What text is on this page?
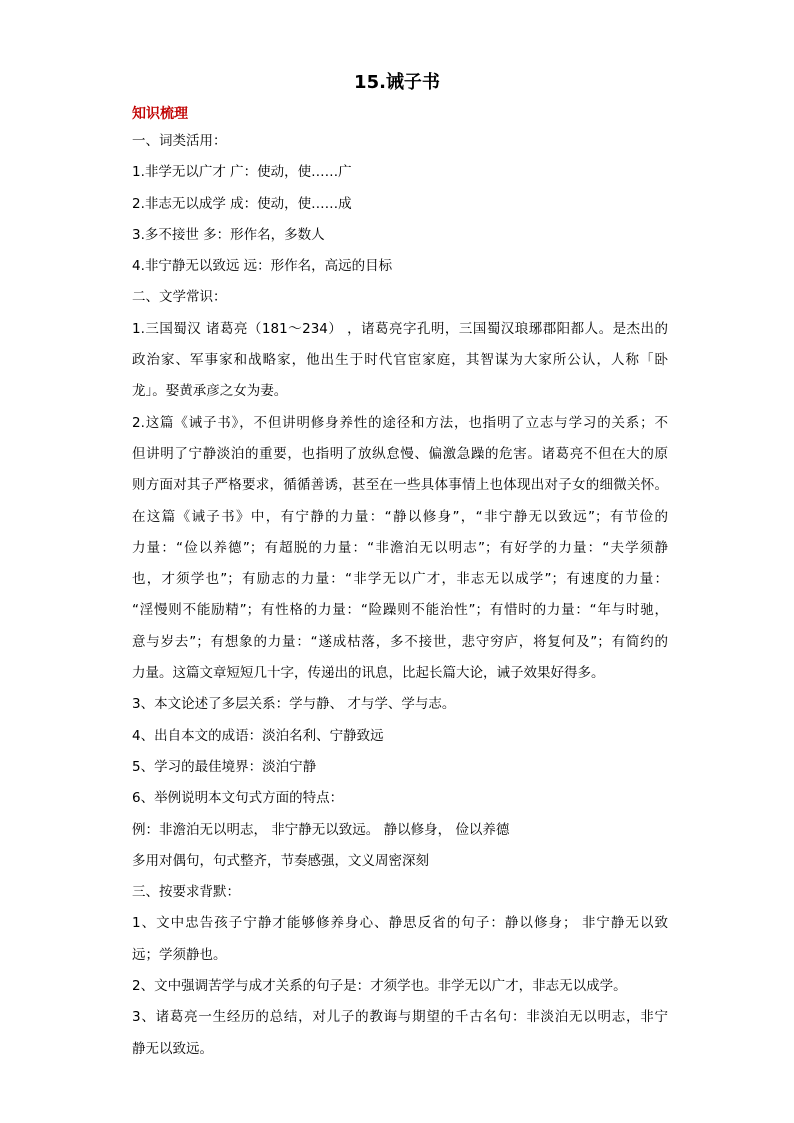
15.诫子书
知识梳理
一、词类活用：
1.非学无以广才 广：使动，使……广
2.非志无以成学 成：使动，使……成
3.多不接世 多：形作名，多数人
4.非宁静无以致远 远：形作名，高远的目标
二、文学常识：
1.三国蜀汉 诸葛亮（181～234） ，诸葛亮字孔明，三国蜀汉琅琊郡阳都人。是杰出的
政治家、军事家和战略家，他出生于时代官宦家庭，其智谋为大家所公认，人称「卧
龙」。娶黄承彦之女为妻。
2.这篇《诫子书》，不但讲明修身养性的途径和方法，也指明了立志与学习的关系；不
但讲明了宁静淡泊的重要，也指明了放纵怠慢、偏激急躁的危害。诸葛亮不但在大的原
则方面对其子严格要求，循循善诱，甚至在一些具体事情上也体现出对子女的细微关怀。
在这篇《诫子书》中，有宁静的力量：“静以修身”，“非宁静无以致远”；有节俭的
力量：“俭以养德”；有超脱的力量：“非澹泊无以明志”；有好学的力量：“夫学须静
也，才须学也”；有励志的力量：“非学无以广才，非志无以成学”；有速度的力量：
“淫慢则不能励精”；有性格的力量：“险躁则不能治性”；有惜时的力量：“年与时驰，
意与岁去”；有想象的力量：“遂成枯落，多不接世，悲守穷庐，将复何及”；有简约的
力量。这篇文章短短几十字，传递出的讯息，比起长篇大论，诫子效果好得多。
3、本文论述了多层关系：学与静、 才与学、学与志。
4、出自本文的成语：淡泊名利、宁静致远
5、学习的最佳境界：淡泊宁静
6、举例说明本文句式方面的特点：
例：非澹泊无以明志， 非宁静无以致远。 静以修身， 俭以养德
多用对偶句，句式整齐，节奏感强，文义周密深刻
三、按要求背默：
1、文中忠告孩子宁静才能够修养身心、静思反省的句子：静以修身； 非宁静无以致
远；学须静也。
2、文中强调苦学与成才关系的句子是：才须学也。非学无以广才，非志无以成学。
3、诸葛亮一生经历的总结，对儿子的教诲与期望的千古名句：非淡泊无以明志，非宁
静无以致远。
